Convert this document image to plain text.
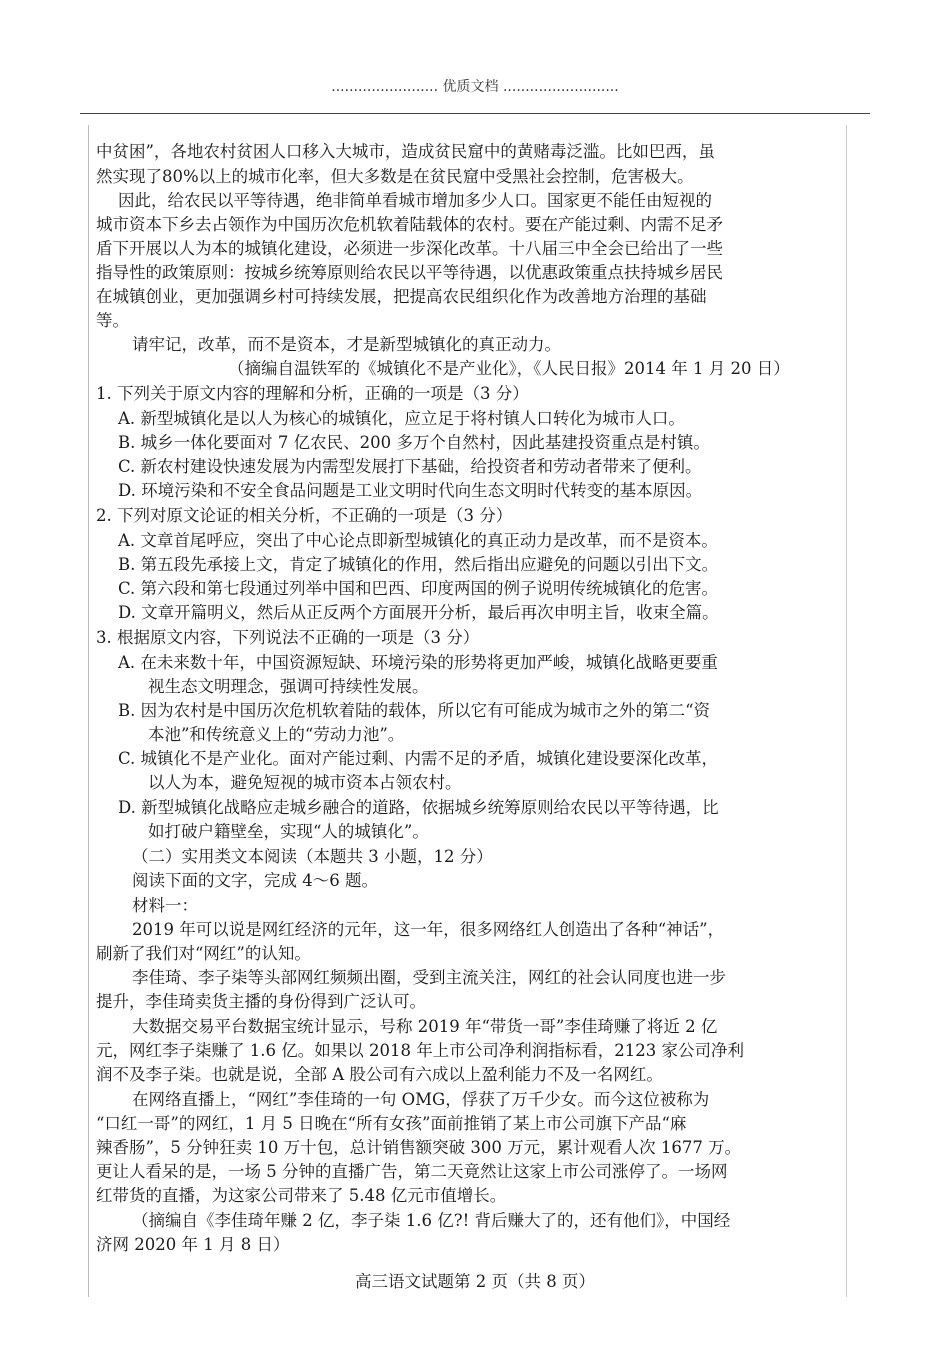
........................ 优质文档 ..........................
中贫困”，各地农村贫困人口移入大城市，造成贫民窟中的黄赌毒泛滥。比如巴西，虽
然实现了80%以上的城市化率，但大多数是在贫民窟中受黑社会控制，危害极大。
因此，给农民以平等待遇，绝非简单看城市增加多少人口。国家更不能任由短视的
城市资本下乡去占领作为中国历次危机软着陆载体的农村。要在产能过剩、内需不足矛
盾下开展以人为本的城镇化建设，必须进一步深化改革。十八届三中全会已给出了一些
指导性的政策原则：按城乡统筹原则给农民以平等待遇，以优惠政策重点扶持城乡居民
在城镇创业，更加强调乡村可持续发展，把提高农民组织化作为改善地方治理的基础
等。
请牢记，改革，而不是资本，才是新型城镇化的真正动力。
（摘编自温铁军的《城镇化不是产业化》，《人民日报》2014 年 1 月 20 日）
1. 下列关于原文内容的理解和分析，正确的一项是（3 分）
A. 新型城镇化是以人为核心的城镇化，应立足于将村镇人口转化为城市人口。
B. 城乡一体化要面对 7 亿农民、200 多万个自然村，因此基建投资重点是村镇。
C. 新农村建设快速发展为内需型发展打下基础，给投资者和劳动者带来了便利。
D. 环境污染和不安全食品问题是工业文明时代向生态文明时代转变的基本原因。
2. 下列对原文论证的相关分析，不正确的一项是（3 分）
A. 文章首尾呼应，突出了中心论点即新型城镇化的真正动力是改革，而不是资本。
B. 第五段先承接上文，肯定了城镇化的作用，然后指出应避免的问题以引出下文。
C. 第六段和第七段通过列举中国和巴西、印度两国的例子说明传统城镇化的危害。
D. 文章开篇明义，然后从正反两个方面展开分析，最后再次申明主旨，收束全篇。
3. 根据原文内容，下列说法不正确的一项是（3 分）
A. 在未来数十年，中国资源短缺、环境污染的形势将更加严峻，城镇化战略更要重
视生态文明理念，强调可持续性发展。
B. 因为农村是中国历次危机软着陆的载体，所以它有可能成为城市之外的第二“资
本池”和传统意义上的“劳动力池”。
C. 城镇化不是产业化。面对产能过剩、内需不足的矛盾，城镇化建设要深化改革，
以人为本，避免短视的城市资本占领农村。
D. 新型城镇化战略应走城乡融合的道路，依据城乡统筹原则给农民以平等待遇，比
如打破户籍壁垒，实现“人的城镇化”。
（二）实用类文本阅读（本题共 3 小题，12 分）
阅读下面的文字，完成 4～6 题。
材料一：
2019 年可以说是网红经济的元年，这一年，很多网络红人创造出了各种“神话”，
刷新了我们对“网红”的认知。
李佳琦、李子柒等头部网红频频出圈，受到主流关注，网红的社会认同度也进一步
提升，李佳琦卖货主播的身份得到广泛认可。
大数据交易平台数据宝统计显示，号称 2019 年“带货一哥”李佳琦赚了将近 2 亿
元，网红李子柒赚了 1.6 亿。如果以 2018 年上市公司净利润指标看，2123 家公司净利
润不及李子柒。也就是说，全部 A 股公司有六成以上盈利能力不及一名网红。
在网络直播上，“网红”李佳琦的一句 OMG，俘获了万千少女。而今这位被称为
“口红一哥”的网红，1 月 5 日晚在“所有女孩”面前推销了某上市公司旗下产品“麻
辣香肠”，5 分钟狂卖 10 万十包，总计销售额突破 300 万元，累计观看人次 1677 万。
更让人看呆的是，一场 5 分钟的直播广告，第二天竟然让这家上市公司涨停了。一场网
红带货的直播，为这家公司带来了 5.48 亿元市值增长。
（摘编自《李佳琦年赚 2 亿，李子柒 1.6 亿?! 背后赚大了的，还有他们》，中国经
济网 2020 年 1 月 8 日）
高三语文试题第 2 页（共 8 页）
